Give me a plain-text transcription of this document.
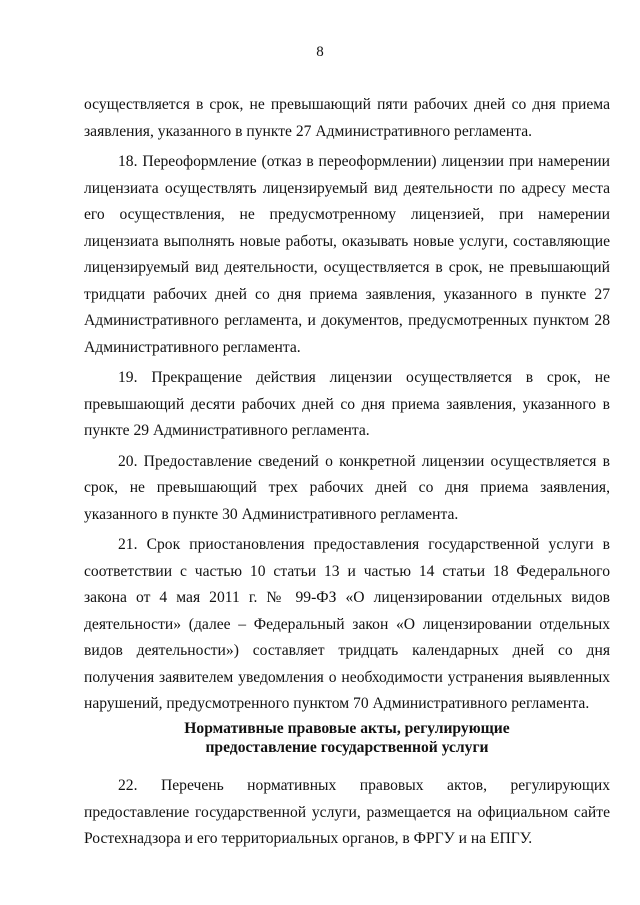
8

осуществляется в срок, не превышающий пяти рабочих дней со дня приема заявления, указанного в пункте 27 Административного регламента.

18. Переоформление (отказ в переоформлении) лицензии при намерении лицензиата осуществлять лицензируемый вид деятельности по адресу места его осуществления, не предусмотренному лицензией, при намерении лицензиата выполнять новые работы, оказывать новые услуги, составляющие лицензируемый вид деятельности, осуществляется в срок, не превышающий тридцати рабочих дней со дня приема заявления, указанного в пункте 27 Административного регламента, и документов, предусмотренных пунктом 28 Административного регламента.

19. Прекращение действия лицензии осуществляется в срок, не превышающий десяти рабочих дней со дня приема заявления, указанного в пункте 29 Административного регламента.

20. Предоставление сведений о конкретной лицензии осуществляется в срок, не превышающий трех рабочих дней со дня приема заявления, указанного в пункте 30 Административного регламента.

21. Срок приостановления предоставления государственной услуги в соответствии с частью 10 статьи 13 и частью 14 статьи 18 Федерального закона от 4 мая 2011 г. № 99-ФЗ «О лицензировании отдельных видов деятельности» (далее – Федеральный закон «О лицензировании отдельных видов деятельности») составляет тридцать календарных дней со дня получения заявителем уведомления о необходимости устранения выявленных нарушений, предусмотренного пунктом 70 Административного регламента.

Нормативные правовые акты, регулирующие
предоставление государственной услуги

22. Перечень нормативных правовых актов, регулирующих предоставление государственной услуги, размещается на официальном сайте Ростехнадзора и его территориальных органов, в ФРГУ и на ЕПГУ.
